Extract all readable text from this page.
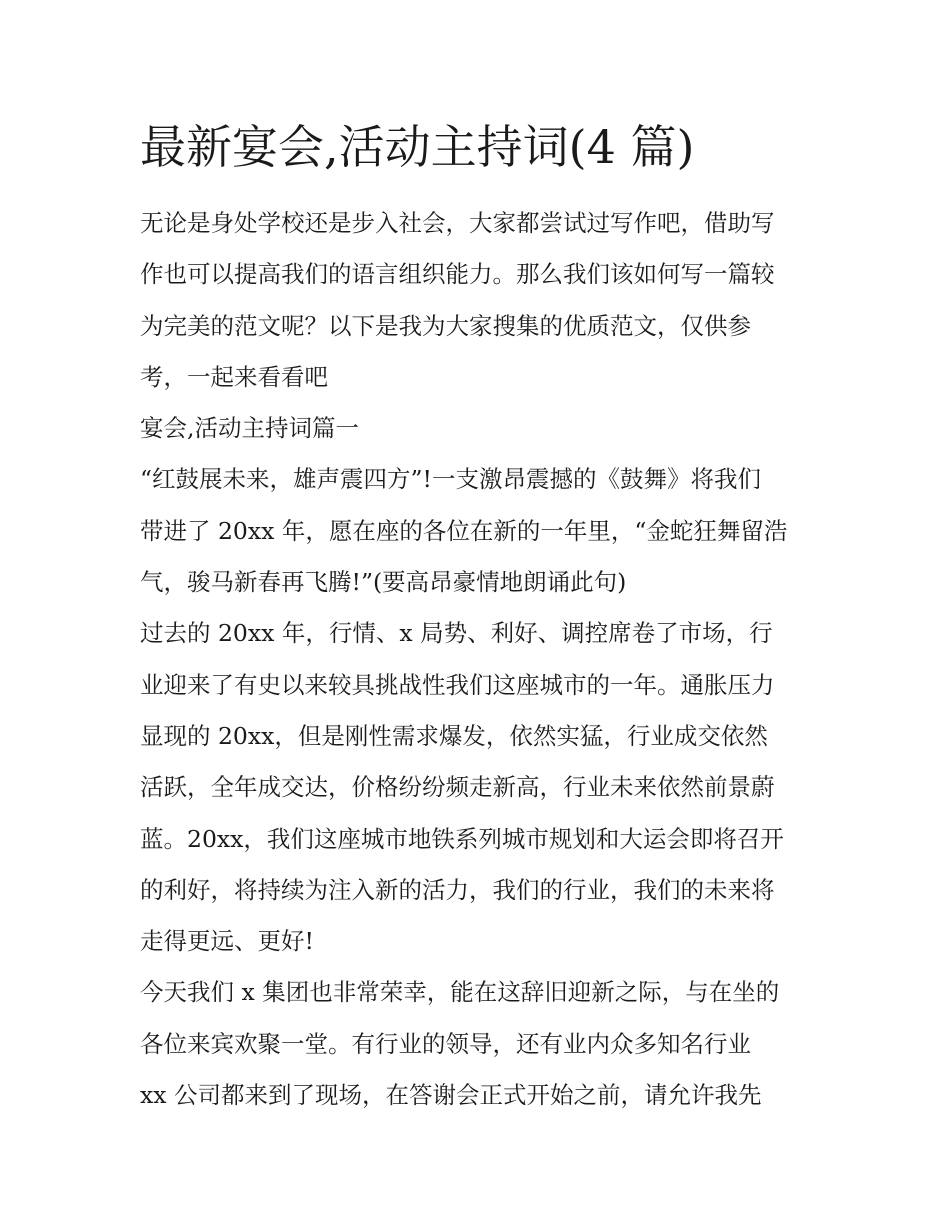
最新宴会,活动主持词(4 篇)
无论是身处学校还是步入社会，大家都尝试过写作吧，借助写
作也可以提高我们的语言组织能力。那么我们该如何写一篇较
为完美的范文呢？以下是我为大家搜集的优质范文，仅供参
考，一起来看看吧
宴会,活动主持词篇一
“红鼓展未来，雄声震四方”!一支激昂震撼的《鼓舞》将我们
带进了 20xx 年，愿在座的各位在新的一年里，“金蛇狂舞留浩
气，骏马新春再飞腾!”(要高昂豪情地朗诵此句)
过去的 20xx 年，行情、x 局势、利好、调控席卷了市场，行
业迎来了有史以来较具挑战性我们这座城市的一年。通胀压力
显现的 20xx，但是刚性需求爆发，依然实猛，行业成交依然
活跃，全年成交达，价格纷纷频走新高，行业未来依然前景蔚
蓝。20xx，我们这座城市地铁系列城市规划和大运会即将召开
的利好，将持续为注入新的活力，我们的行业，我们的未来将
走得更远、更好!
今天我们 x 集团也非常荣幸，能在这辞旧迎新之际，与在坐的
各位来宾欢聚一堂。有行业的领导，还有业内众多知名行业
xx 公司都来到了现场，在答谢会正式开始之前，请允许我先
